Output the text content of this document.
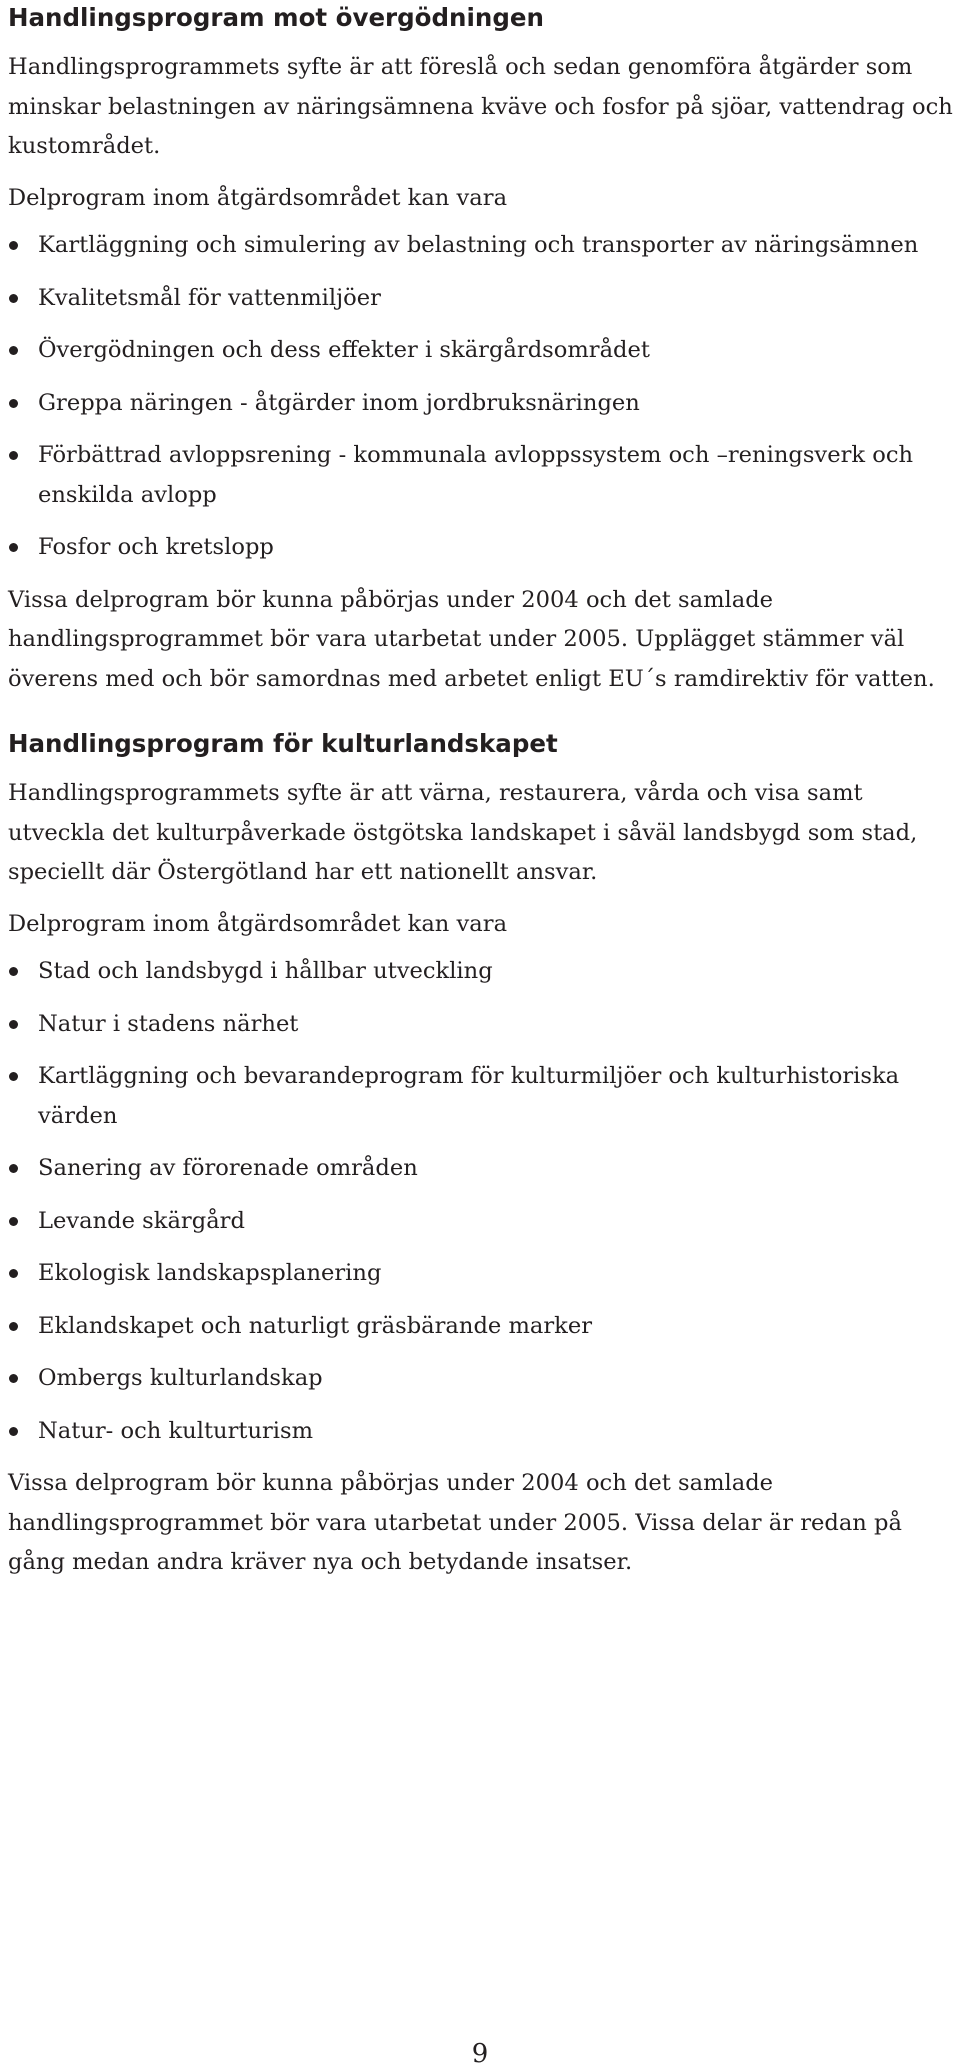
Handlingsprogram mot övergödningen

Handlingsprogrammets syfte är att föreslå och sedan genomföra åtgärder som minskar belastningen av näringsämnena kväve och fosfor på sjöar, vattendrag och kustområdet.

Delprogram inom åtgärdsområdet kan vara

Kartläggning och simulering av belastning och transporter av näringsämnen
Kvalitetsmål för vattenmiljöer
Övergödningen och dess effekter i skärgårdsområdet
Greppa näringen - åtgärder inom jordbruksnäringen
Förbättrad avloppsrening - kommunala avloppssystem och –reningsverk och enskilda avlopp
Fosfor och kretslopp

Vissa delprogram bör kunna påbörjas under 2004 och det samlade handlingsprogrammet bör vara utarbetat under 2005. Upplägget stämmer väl överens med och bör samordnas med arbetet enligt EU´s ramdirektiv för vatten.

Handlingsprogram för kulturlandskapet

Handlingsprogrammets syfte är att värna, restaurera, vårda och visa samt utveckla det kulturpåverkade östgötska landskapet i såväl landsbygd som stad, speciellt där Östergötland har ett nationellt ansvar.

Delprogram inom åtgärdsområdet kan vara

Stad och landsbygd i hållbar utveckling
Natur i stadens närhet
Kartläggning och bevarandeprogram för kulturmiljöer och kulturhistoriska värden
Sanering av förorenade områden
Levande skärgård
Ekologisk landskapsplanering
Eklandskapet och naturligt gräsbärande marker
Ombergs kulturlandskap
Natur- och kulturturism

Vissa delprogram bör kunna påbörjas under 2004 och det samlade handlingsprogrammet bör vara utarbetat under 2005. Vissa delar är redan på gång medan andra kräver nya och betydande insatser.

9
